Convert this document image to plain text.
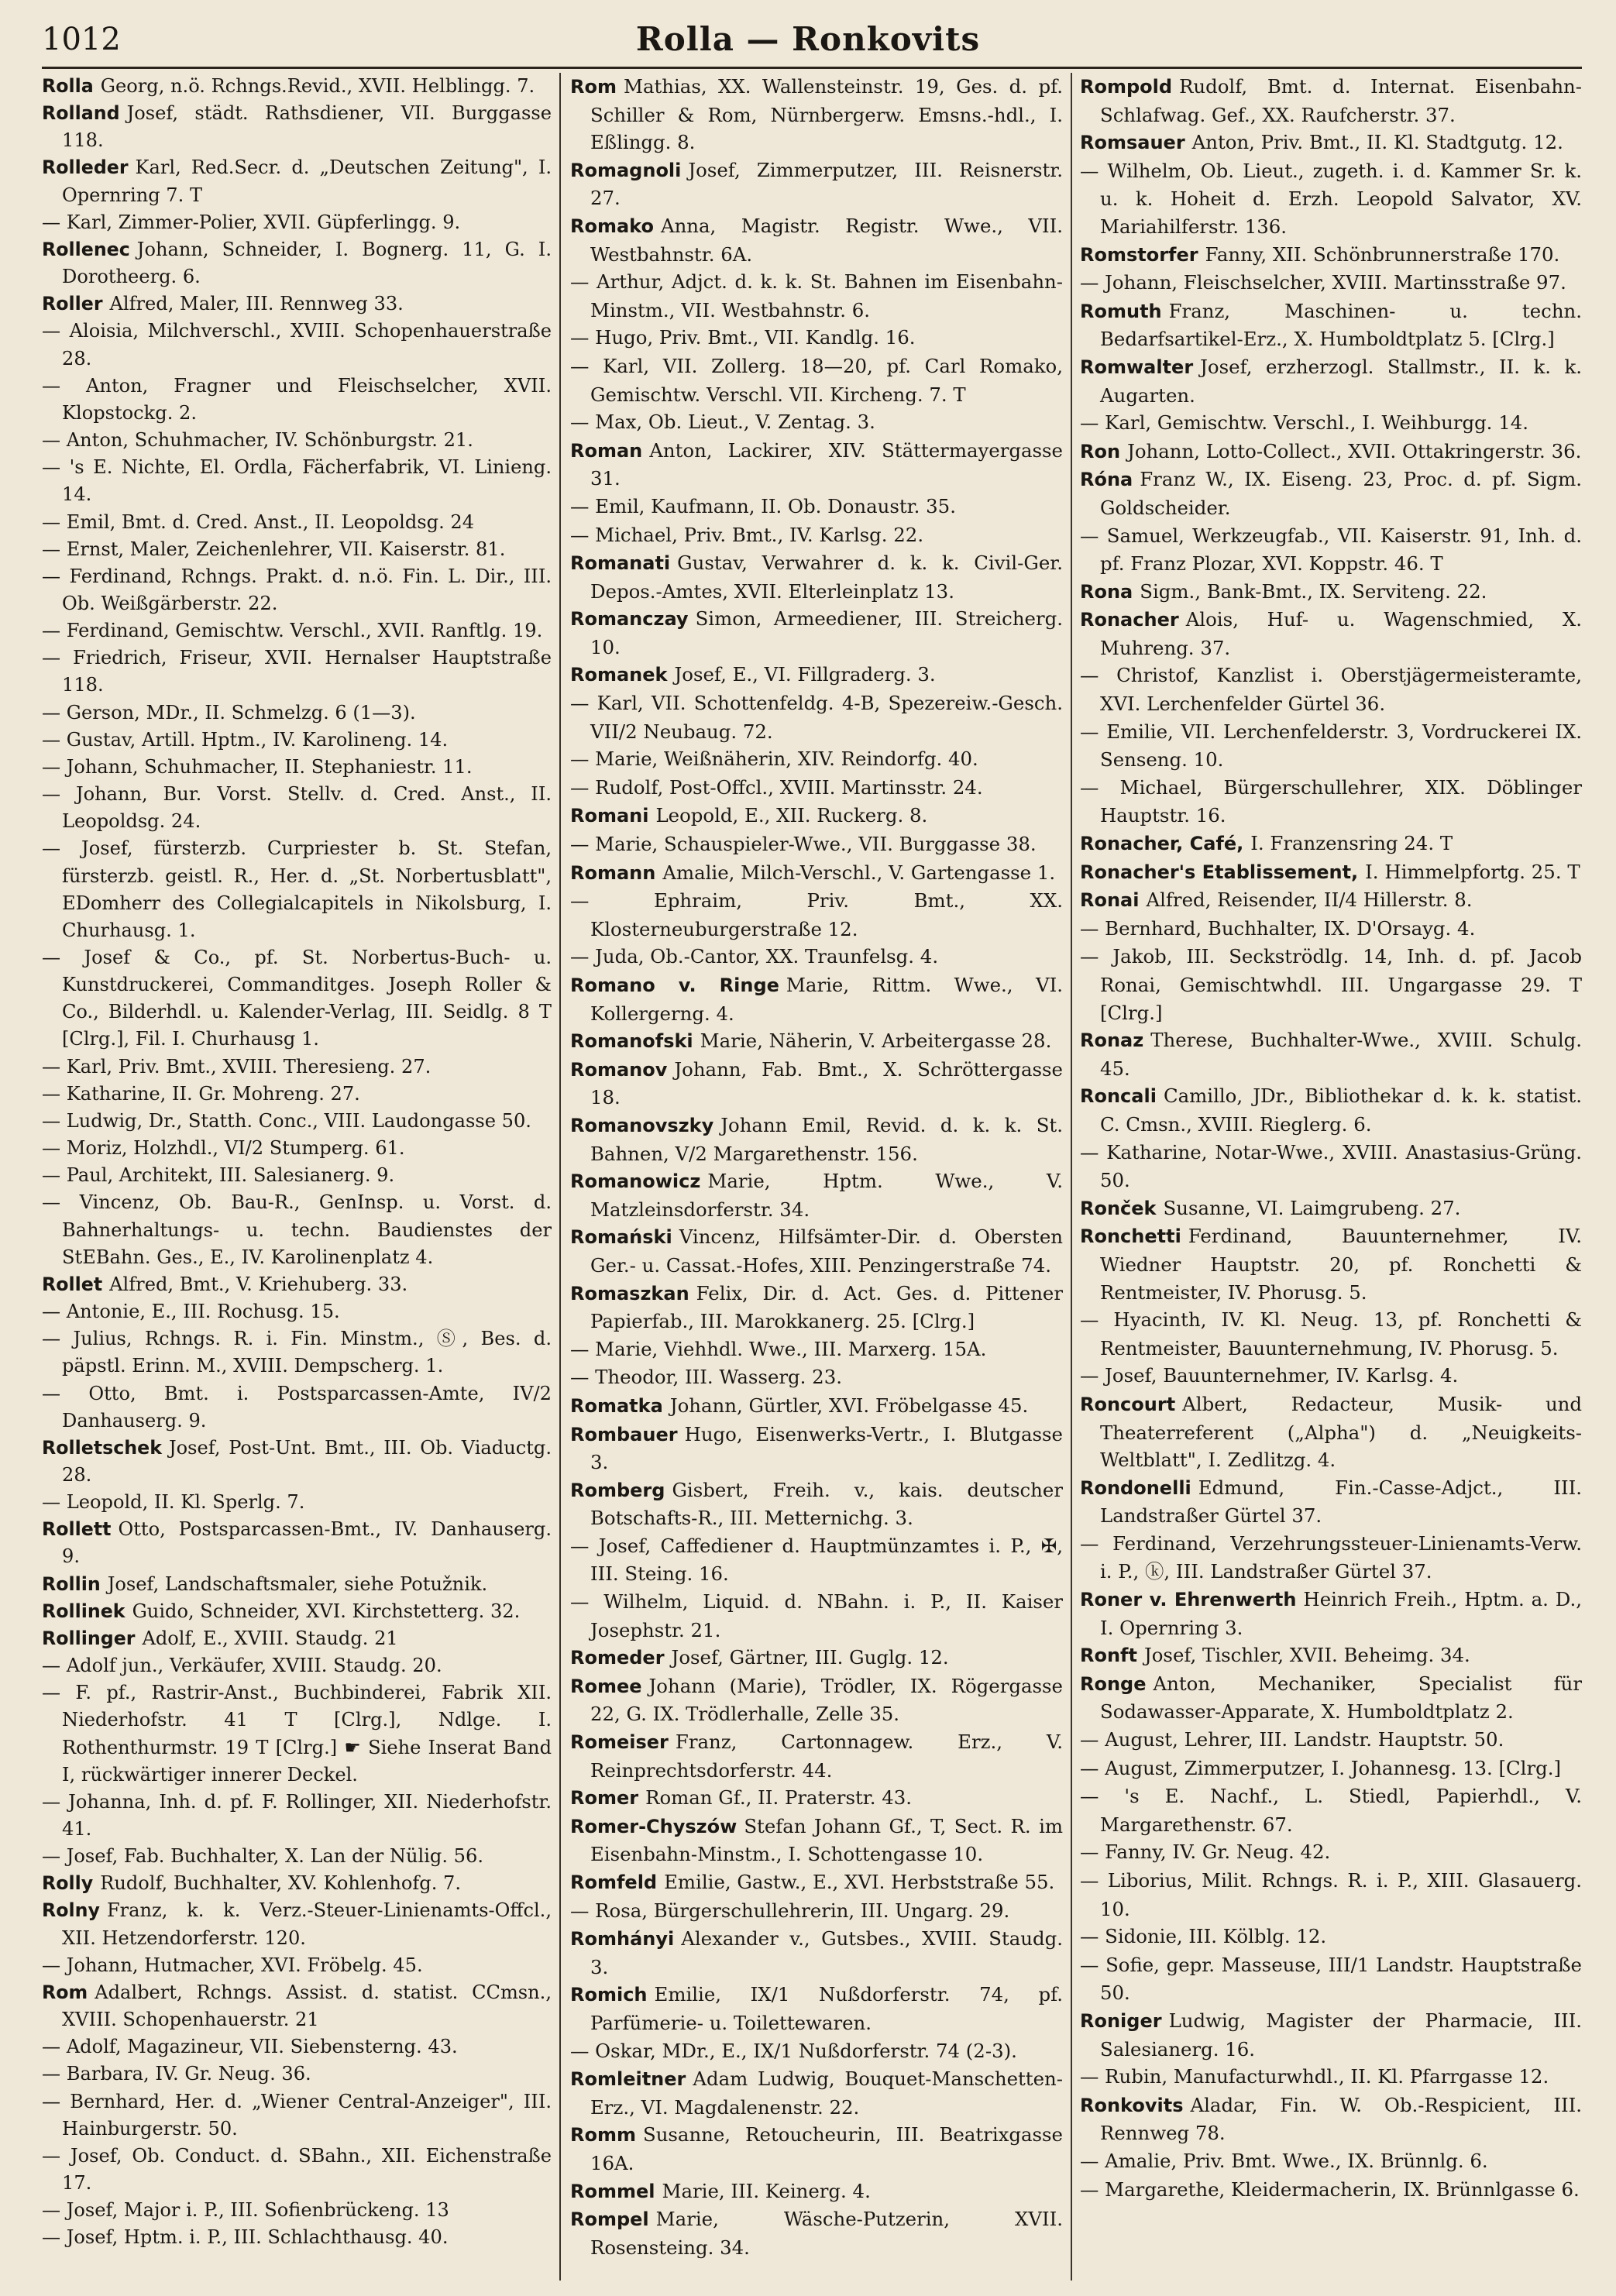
1012	Rolla — Ronkovits
Rolla Georg, n.ö. Rchngs.Revid., XVII. Helblingg. 7.
Rolland Josef, städt. Rathsdiener, VII. Burggasse 118.
Rolleder Karl, Red.Secr. d. „Deutschen Zeitung", I. Opernring 7. T
— Karl, Zimmer-Polier, XVII. Güpferlingg. 9.
Rollenec Johann, Schneider, I. Bognerg. 11, G. I. Dorotheerg. 6.
Roller Alfred, Maler, III. Rennweg 33.
— Aloisia, Milchverschl., XVIII. Schopenhauerstraße 28.
— Anton, Fragner und Fleischselcher, XVII. Klopstockg. 2.
— Anton, Schuhmacher, IV. Schönburgstr. 21.
— 's E. Nichte, El. Ordla, Fächerfabrik, VI. Linieng. 14.
— Emil, Bmt. d. Cred. Anst., II. Leopoldsg. 24
— Ernst, Maler, Zeichenlehrer, VII. Kaiserstr. 81.
— Ferdinand, Rchngs. Prakt. d. n.ö. Fin. L. Dir., III. Ob. Weißgärberstr. 22.
— Ferdinand, Gemischtw. Verschl., XVII. Ranftlg. 19.
— Friedrich, Friseur, XVII. Hernalser Hauptstraße 118.
— Gerson, MDr., II. Schmelzg. 6 (1—3).
— Gustav, Artill. Hptm., IV. Karolineng. 14.
— Johann, Schuhmacher, II. Stephaniestr. 11.
— Johann, Bur. Vorst. Stellv. d. Cred. Anst., II. Leopoldsg. 24.
— Josef, fürsterzb. Curpriester b. St. Stefan, fürsterzb. geistl. R., Her. d. „St. Norbertusblatt", EDomherr des Collegialcapitels in Nikolsburg, I. Churhausg. 1.
— Josef & Co., pf. St. Norbertus-Buch- u. Kunstdruckerei, Commanditges. Joseph Roller & Co., Bilderhdl. u. Kalender-Verlag, III. Seidlg. 8 T [Clrg.], Fil. I. Churhausg 1.
— Karl, Priv. Bmt., XVIII. Theresieng. 27.
— Katharine, II. Gr. Mohreng. 27.
— Ludwig, Dr., Statth. Conc., VIII. Laudongasse 50.
— Moriz, Holzhdl., VI/2 Stumperg. 61.
— Paul, Architekt, III. Salesianerg. 9.
— Vincenz, Ob. Bau-R., GenInsp. u. Vorst. d. Bahnerhaltungs- u. techn. Baudienstes der StEBahn. Ges., E., IV. Karolinenplatz 4.
Rollet Alfred, Bmt., V. Kriehuberg. 33.
— Antonie, E., III. Rochusg. 15.
— Julius, Rchngs. R. i. Fin. Minstm., Ⓢ, Bes. d. päpstl. Erinn. M., XVIII. Dempscherg. 1.
— Otto, Bmt. i. Postsparcassen-Amte, IV/2 Danhauserg. 9.
Rolletschek Josef, Post-Unt. Bmt., III. Ob. Viaductg. 28.
— Leopold, II. Kl. Sperlg. 7.
Rollett Otto, Postsparcassen-Bmt., IV. Danhauserg. 9.
Rollin Josef, Landschaftsmaler, siehe Potužnik.
Rollinek Guido, Schneider, XVI. Kirchstetterg. 32.
Rollinger Adolf, E., XVIII. Staudg. 21
— Adolf jun., Verkäufer, XVIII. Staudg. 20.
— F. pf., Rastrir-Anst., Buchbinderei, Fabrik XII. Niederhofstr. 41 T [Clrg.], Ndlge. I. Rothenthurmstr. 19 T [Clrg.] ☛ Siehe Inserat Band I, rückwärtiger innerer Deckel.
— Johanna, Inh. d. pf. F. Rollinger, XII. Niederhofstr. 41.
— Josef, Fab. Buchhalter, X. Lan der Nülig. 56.
Rolly Rudolf, Buchhalter, XV. Kohlenhofg. 7.
Rolny Franz, k. k. Verz.-Steuer-Linienamts-Offcl., XII. Hetzendorferstr. 120.
— Johann, Hutmacher, XVI. Fröbelg. 45.
Rom Adalbert, Rchngs. Assist. d. statist. CCmsn., XVIII. Schopenhauerstr. 21
— Adolf, Magazineur, VII. Siebensterng. 43.
— Barbara, IV. Gr. Neug. 36.
— Bernhard, Her. d. „Wiener Central-Anzeiger", III. Hainburgerstr. 50.
— Josef, Ob. Conduct. d. SBahn., XII. Eichenstraße 17.
— Josef, Major i. P., III. Sofienbrückeng. 13
— Josef, Hptm. i. P., III. Schlachthausg. 40.
Rom Mathias, XX. Wallensteinstr. 19, Ges. d. pf. Schiller & Rom, Nürnbergerw. Emsns.-hdl., I. Eßlingg. 8.
Romagnoli Josef, Zimmerputzer, III. Reisnerstr. 27.
Romako Anna, Magistr. Registr. Wwe., VII. Westbahnstr. 6A.
— Arthur, Adjct. d. k. k. St. Bahnen im Eisenbahn-Minstm., VII. Westbahnstr. 6.
— Hugo, Priv. Bmt., VII. Kandlg. 16.
— Karl, VII. Zollerg. 18—20, pf. Carl Romako, Gemischtw. Verschl. VII. Kircheng. 7. T
— Max, Ob. Lieut., V. Zentag. 3.
Roman Anton, Lackirer, XIV. Stättermayergasse 31.
— Emil, Kaufmann, II. Ob. Donaustr. 35.
— Michael, Priv. Bmt., IV. Karlsg. 22.
Romanati Gustav, Verwahrer d. k. k. Civil-Ger. Depos.-Amtes, XVII. Elterleinplatz 13.
Romanczay Simon, Armeediener, III. Streicherg. 10.
Romanek Josef, E., VI. Fillgraderg. 3.
— Karl, VII. Schottenfeldg. 4-B, Spezereiw.-Gesch. VII/2 Neubaug. 72.
— Marie, Weißnäherin, XIV. Reindorfg. 40.
— Rudolf, Post-Offcl., XVIII. Martinsstr. 24.
Romani Leopold, E., XII. Ruckerg. 8.
— Marie, Schauspieler-Wwe., VII. Burggasse 38.
Romann Amalie, Milch-Verschl., V. Gartengasse 1.
— Ephraim, Priv. Bmt., XX. Klosterneuburgerstraße 12.
— Juda, Ob.-Cantor, XX. Traunfelsg. 4.
Romano v. Ringe Marie, Rittm. Wwe., VI. Kollergerng. 4.
Romanofski Marie, Näherin, V. Arbeitergasse 28.
Romanov Johann, Fab. Bmt., X. Schröttergasse 18.
Romanovszky Johann Emil, Revid. d. k. k. St. Bahnen, V/2 Margarethenstr. 156.
Romanowicz Marie, Hptm. Wwe., V. Matzleinsdorferstr. 34.
Romański Vincenz, Hilfsämter-Dir. d. Obersten Ger.- u. Cassat.-Hofes, XIII. Penzingerstraße 74.
Romaszkan Felix, Dir. d. Act. Ges. d. Pittener Papierfab., III. Marokkanerg. 25. [Clrg.]
— Marie, Viehhdl. Wwe., III. Marxerg. 15A.
— Theodor, III. Wasserg. 23.
Romatka Johann, Gürtler, XVI. Fröbelgasse 45.
Rombauer Hugo, Eisenwerks-Vertr., I. Blutgasse 3.
Romberg Gisbert, Freih. v., kais. deutscher Botschafts-R., III. Metternichg. 3.
— Josef, Caffediener d. Hauptmünzamtes i. P., ✠, III. Steing. 16.
— Wilhelm, Liquid. d. NBahn. i. P., II. Kaiser Josephstr. 21.
Romeder Josef, Gärtner, III. Guglg. 12.
Romee Johann (Marie), Trödler, IX. Rögergasse 22, G. IX. Trödlerhalle, Zelle 35.
Romeiser Franz, Cartonnagew. Erz., V. Reinprechtsdorferstr. 44.
Romer Roman Gf., II. Praterstr. 43.
Romer-Chyszów Stefan Johann Gf., T, Sect. R. im Eisenbahn-Minstm., I. Schottengasse 10.
Romfeld Emilie, Gastw., E., XVI. Herbststraße 55.
— Rosa, Bürgerschullehrerin, III. Ungarg. 29.
Romhányi Alexander v., Gutsbes., XVIII. Staudg. 3.
Romich Emilie, IX/1 Nußdorferstr. 74, pf. Parfümerie- u. Toilettewaren.
— Oskar, MDr., E., IX/1 Nußdorferstr. 74 (2-3).
Romleitner Adam Ludwig, Bouquet-Manschetten-Erz., VI. Magdalenenstr. 22.
Romm Susanne, Retoucheurin, III. Beatrixgasse 16A.
Rommel Marie, III. Keinerg. 4.
Rompel Marie, Wäsche-Putzerin, XVII. Rosensteing. 34.
Rompold Rudolf, Bmt. d. Internat. Eisenbahn-Schlafwag. Gef., XX. Raufcherstr. 37.
Romsauer Anton, Priv. Bmt., II. Kl. Stadtgutg. 12.
— Wilhelm, Ob. Lieut., zugeth. i. d. Kammer Sr. k. u. k. Hoheit d. Erzh. Leopold Salvator, XV. Mariahilferstr. 136.
Romstorfer Fanny, XII. Schönbrunnerstraße 170.
— Johann, Fleischselcher, XVIII. Martinsstraße 97.
Romuth Franz, Maschinen- u. techn. Bedarfsartikel-Erz., X. Humboldtplatz 5. [Clrg.]
Romwalter Josef, erzherzogl. Stallmstr., II. k. k. Augarten.
— Karl, Gemischtw. Verschl., I. Weihburgg. 14.
Ron Johann, Lotto-Collect., XVII. Ottakringerstr. 36.
Róna Franz W., IX. Eiseng. 23, Proc. d. pf. Sigm. Goldscheider.
— Samuel, Werkzeugfab., VII. Kaiserstr. 91, Inh. d. pf. Franz Plozar, XVI. Koppstr. 46. T
Rona Sigm., Bank-Bmt., IX. Serviteng. 22.
Ronacher Alois, Huf- u. Wagenschmied, X. Muhreng. 37.
— Christof, Kanzlist i. Oberstjägermeisteramte, XVI. Lerchenfelder Gürtel 36.
— Emilie, VII. Lerchenfelderstr. 3, Vordruckerei IX. Senseng. 10.
— Michael, Bürgerschullehrer, XIX. Döblinger Hauptstr. 16.
Ronacher, Café, I. Franzensring 24. T
Ronacher's Etablissement, I. Himmelpfortg. 25. T
Ronai Alfred, Reisender, II/4 Hillerstr. 8.
— Bernhard, Buchhalter, IX. D'Orsayg. 4.
— Jakob, III. Seckströdlg. 14, Inh. d. pf. Jacob Ronai, Gemischtwhdl. III. Ungargasse 29. T [Clrg.]
Ronaz Therese, Buchhalter-Wwe., XVIII. Schulg. 45.
Roncali Camillo, JDr., Bibliothekar d. k. k. statist. C. Cmsn., XVIII. Rieglerg. 6.
— Katharine, Notar-Wwe., XVIII. Anastasius-Grüng. 50.
Ronček Susanne, VI. Laimgrubeng. 27.
Ronchetti Ferdinand, Bauunternehmer, IV. Wiedner Hauptstr. 20, pf. Ronchetti & Rentmeister, IV. Phorusg. 5.
— Hyacinth, IV. Kl. Neug. 13, pf. Ronchetti & Rentmeister, Bauunternehmung, IV. Phorusg. 5.
— Josef, Bauunternehmer, IV. Karlsg. 4.
Roncourt Albert, Redacteur, Musik- und Theaterreferent („Alpha") d. „Neuigkeits-Weltblatt", I. Zedlitzg. 4.
Rondonelli Edmund, Fin.-Casse-Adjct., III. Landstraßer Gürtel 37.
— Ferdinand, Verzehrungssteuer-Linienamts-Verw. i. P., ⓚ, III. Landstraßer Gürtel 37.
Roner v. Ehrenwerth Heinrich Freih., Hptm. a. D., I. Opernring 3.
Ronft Josef, Tischler, XVII. Beheimg. 34.
Ronge Anton, Mechaniker, Specialist für Sodawasser-Apparate, X. Humboldtplatz 2.
— August, Lehrer, III. Landstr. Hauptstr. 50.
— August, Zimmerputzer, I. Johannesg. 13. [Clrg.]
— 's E. Nachf., L. Stiedl, Papierhdl., V. Margarethenstr. 67.
— Fanny, IV. Gr. Neug. 42.
— Liborius, Milit. Rchngs. R. i. P., XIII. Glasauerg. 10.
— Sidonie, III. Kölblg. 12.
— Sofie, gepr. Masseuse, III/1 Landstr. Hauptstraße 50.
Roniger Ludwig, Magister der Pharmacie, III. Salesianerg. 16.
— Rubin, Manufacturwhdl., II. Kl. Pfarrgasse 12.
Ronkovits Aladar, Fin. W. Ob.-Respicient, III. Rennweg 78.
— Amalie, Priv. Bmt. Wwe., IX. Brünnlg. 6.
— Margarethe, Kleidermacherin, IX. Brünnlgasse 6.
